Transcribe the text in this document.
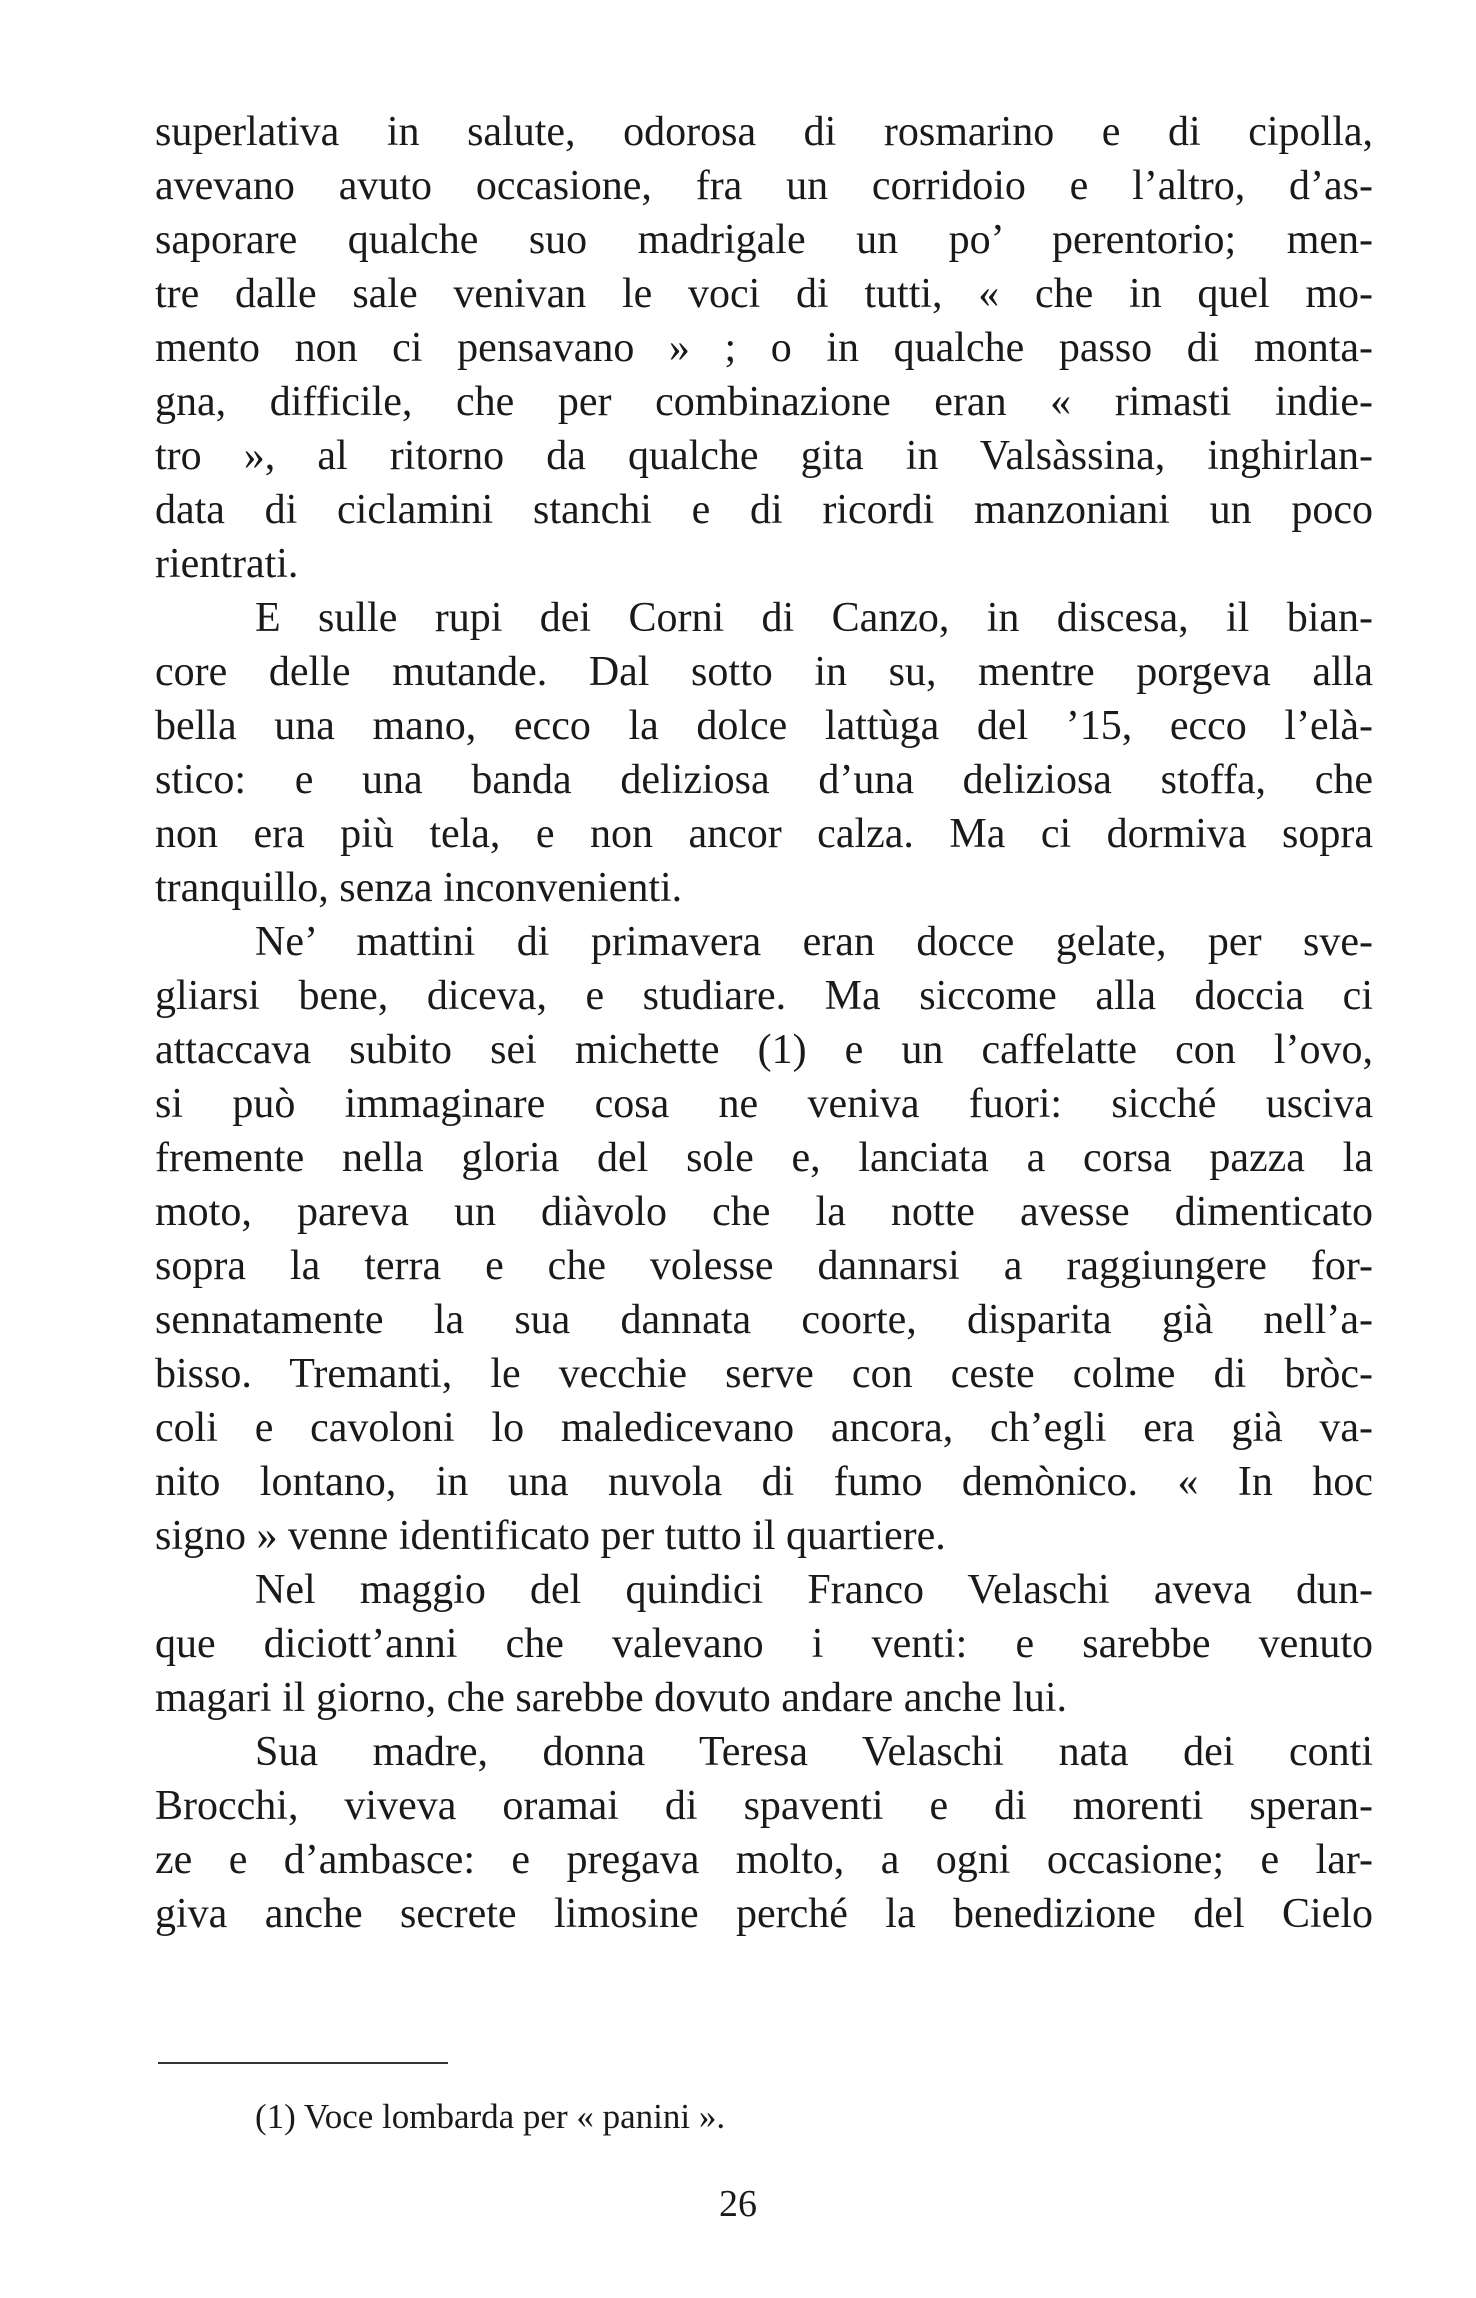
superlativa in salute, odorosa di rosmarino e di cipolla,
avevano avuto occasione, fra un corridoio e l’altro, d’as-
saporare qualche suo madrigale un po’ perentorio; men-
tre dalle sale venivan le voci di tutti, « che in quel mo-
mento non ci pensavano » ; o in qualche passo di monta-
gna, difficile, che per combinazione eran « rimasti indie-
tro », al ritorno da qualche gita in Valsàssina, inghirlan-
data di ciclamini stanchi e di ricordi manzoniani un poco
rientrati.
E sulle rupi dei Corni di Canzo, in discesa, il bian-
core delle mutande. Dal sotto in su, mentre porgeva alla
bella una mano, ecco la dolce lattùga del ’15, ecco l’elà-
stico: e una banda deliziosa d’una deliziosa stoffa, che
non era più tela, e non ancor calza. Ma ci dormiva sopra
tranquillo, senza inconvenienti.
Ne’ mattini di primavera eran docce gelate, per sve-
gliarsi bene, diceva, e studiare. Ma siccome alla doccia ci
attaccava subito sei michette (1) e un caffelatte con l’ovo,
si può immaginare cosa ne veniva fuori: sicché usciva
fremente nella gloria del sole e, lanciata a corsa pazza la
moto, pareva un diàvolo che la notte avesse dimenticato
sopra la terra e che volesse dannarsi a raggiungere for-
sennatamente la sua dannata coorte, disparita già nell’a-
bisso. Tremanti, le vecchie serve con ceste colme di bròc-
coli e cavoloni lo maledicevano ancora, ch’egli era già va-
nito lontano, in una nuvola di fumo demònico. « In hoc
signo » venne identificato per tutto il quartiere.
Nel maggio del quindici Franco Velaschi aveva dun-
que diciott’anni che valevano i venti: e sarebbe venuto
magari il giorno, che sarebbe dovuto andare anche lui.
Sua madre, donna Teresa Velaschi nata dei conti
Brocchi, viveva oramai di spaventi e di morenti speran-
ze e d’ambasce: e pregava molto, a ogni occasione; e lar-
giva anche secrete limosine perché la benedizione del Cielo
(1) Voce lombarda per « panini ».
26
